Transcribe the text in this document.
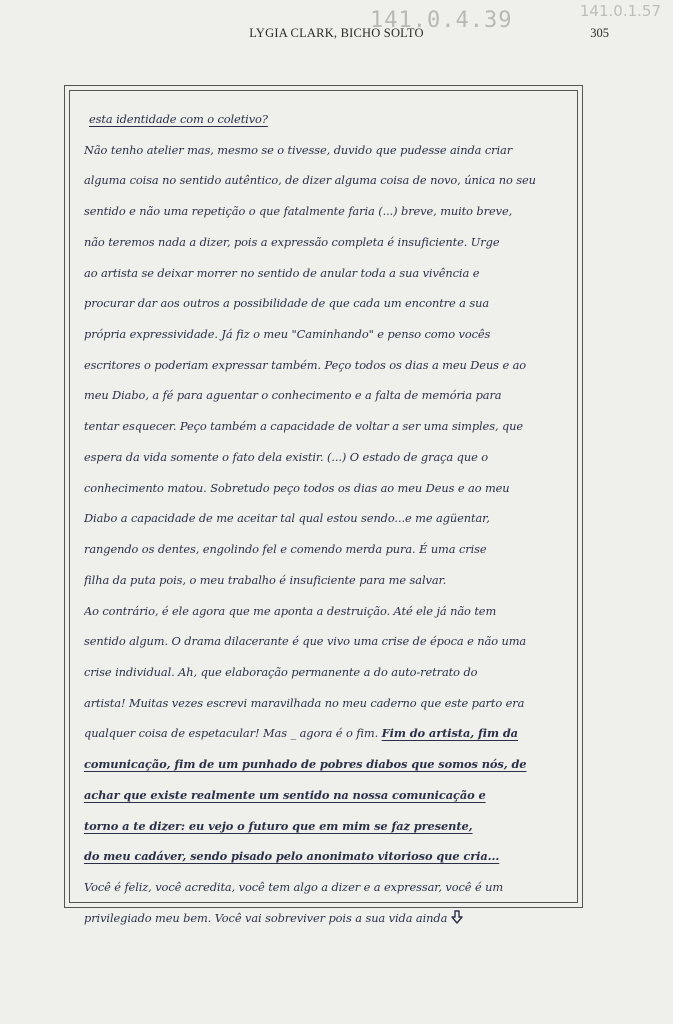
LYGIA CLARK, BICHO SOLTO	305
141.0.4.39	141.0.1.57

esta identidade com o coletivo?

Não tenho atelier mas, mesmo se o tivesse, duvido que pudesse ainda criar

alguma coisa no sentido autêntico, de dizer alguma coisa de novo, única no seu

sentido e não uma repetição o que fatalmente faria (...) breve, muito breve,

não teremos nada a dizer, pois a expressão completa é insuficiente. Urge

ao artista se deixar morrer no sentido de anular toda a sua vivência e

procurar dar aos outros a possibilidade de que cada um encontre a sua

própria expressividade. Já fiz o meu "Caminhando" e penso como vocês

escritores o poderiam expressar também. Peço todos os dias a meu Deus e ao

meu Diabo, a fé para aguentar o conhecimento e a falta de memória para

tentar esquecer. Peço também a capacidade de voltar a ser uma simples, que

espera da vida somente o fato dela existir. (...) O estado de graça que o

conhecimento matou. Sobretudo peço todos os dias ao meu Deus e ao meu

Diabo a capacidade de me aceitar tal qual estou sendo...e me agüentar,

rangendo os dentes, engolindo fel e comendo merda pura. É uma crise

filha da puta pois, o meu trabalho é insuficiente para me salvar.

Ao contrário, é ele agora que me aponta a destruição. Até ele já não tem

sentido algum. O drama dilacerante é que vivo uma crise de época e não uma

crise individual. Ah, que elaboração permanente a do auto-retrato do

artista! Muitas vezes escrevi maravilhada no meu caderno que este parto era

qualquer coisa de espetacular! Mas _ agora é o fim. Fim do artista, fim da

comunicação, fim de um punhado de pobres diabos que somos nós, de

achar que existe realmente um sentido na nossa comunicação e

torno a te dizer: eu vejo o futuro que em mim se faz presente,

do meu cadáver, sendo pisado pelo anonimato vitorioso que cria...

Você é feliz, você acredita, você tem algo a dizer e a expressar, você é um

privilegiado meu bem. Você vai sobreviver pois a sua vida ainda
